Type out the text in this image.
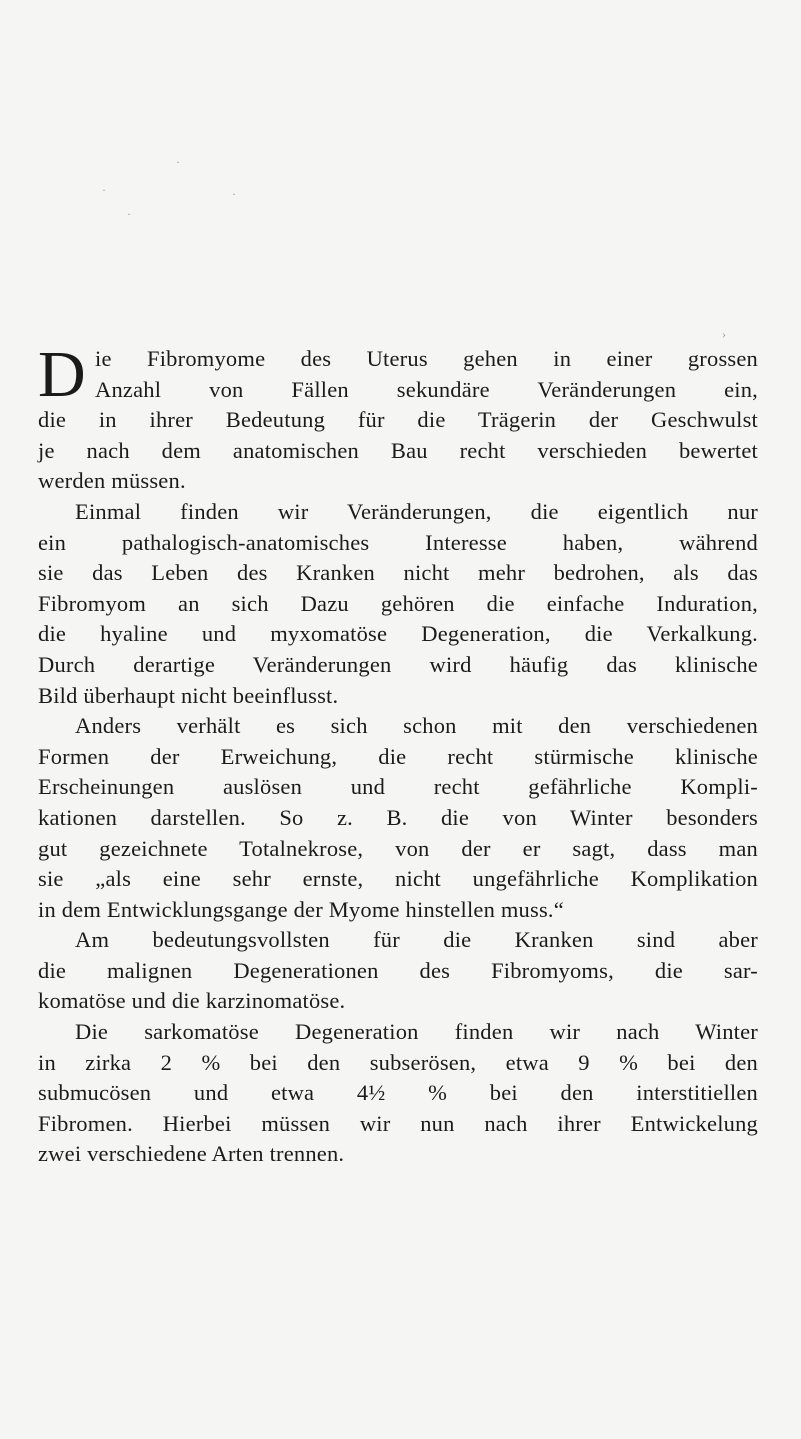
·
·
·
·
›
D ie Fibromyome des Uterus gehen in einer grossen
Anzahl von Fällen sekundäre Veränderungen ein,
die in ihrer Bedeutung für die Trägerin der Geschwulst
je nach dem anatomischen Bau recht verschieden bewertet
werden müssen.
Einmal finden wir Veränderungen, die eigentlich nur
ein pathalogisch-anatomisches Interesse haben, während
sie das Leben des Kranken nicht mehr bedrohen, als das
Fibromyom an sich Dazu gehören die einfache Induration,
die hyaline und myxomatöse Degeneration, die Verkalkung.
Durch derartige Veränderungen wird häufig das klinische
Bild überhaupt nicht beeinflusst.
Anders verhält es sich schon mit den verschiedenen
Formen der Erweichung, die recht stürmische klinische
Erscheinungen auslösen und recht gefährliche Kompli-
kationen darstellen. So z. B. die von Winter besonders
gut gezeichnete Totalnekrose, von der er sagt, dass man
sie „als eine sehr ernste, nicht ungefährliche Komplikation
in dem Entwicklungsgange der Myome hinstellen muss.“
Am bedeutungsvollsten für die Kranken sind aber
die malignen Degenerationen des Fibromyoms, die sar-
komatöse und die karzinomatöse.
Die sarkomatöse Degeneration finden wir nach Winter
in zirka 2 % bei den subserösen, etwa 9 % bei den
submucösen und etwa 4½ % bei den interstitiellen
Fibromen. Hierbei müssen wir nun nach ihrer Entwickelung
zwei verschiedene Arten trennen.
